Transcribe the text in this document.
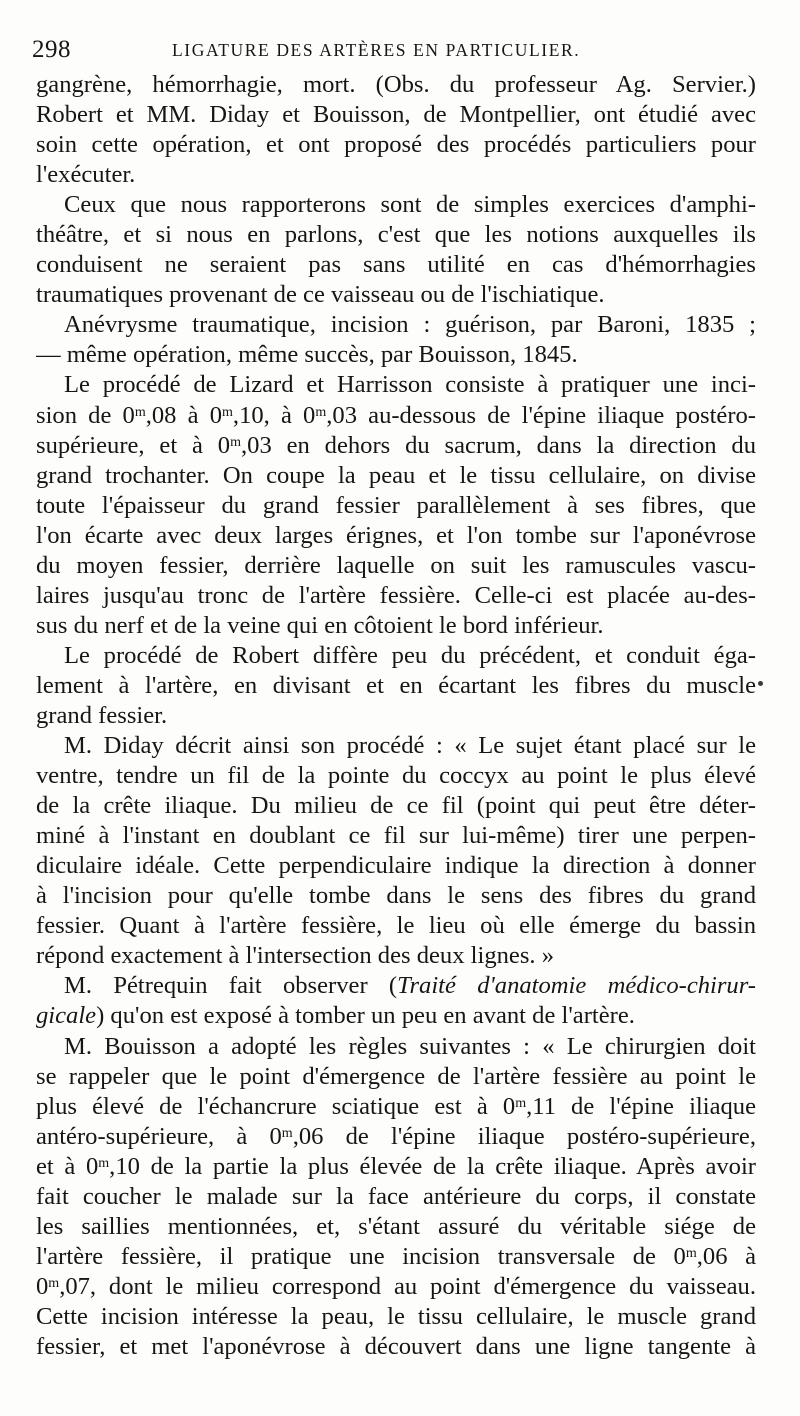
298	LIGATURE DES ARTÈRES EN PARTICULIER.
gangrène, hémorrhagie, mort. (Obs. du professeur Ag. Servier.)
Robert et MM. Diday et Bouisson, de Montpellier, ont étudié avec
soin cette opération, et ont proposé des procédés particuliers pour
l'exécuter.
Ceux que nous rapporterons sont de simples exercices d'amphi-
théâtre, et si nous en parlons, c'est que les notions auxquelles ils
conduisent ne seraient pas sans utilité en cas d'hémorrhagies
traumatiques provenant de ce vaisseau ou de l'ischiatique.
Anévrysme traumatique, incision : guérison, par Baroni, 1835 ;
— même opération, même succès, par Bouisson, 1845.
Le procédé de Lizard et Harrisson consiste à pratiquer une inci-
sion de 0$^m$,08 à 0$^m$,10, à 0$^m$,03 au-dessous de l'épine iliaque postéro-
supérieure, et à 0$^m$,03 en dehors du sacrum, dans la direction du
grand trochanter. On coupe la peau et le tissu cellulaire, on divise
toute l'épaisseur du grand fessier parallèlement à ses fibres, que
l'on écarte avec deux larges érignes, et l'on tombe sur l'aponévrose
du moyen fessier, derrière laquelle on suit les ramuscules vascu-
laires jusqu'au tronc de l'artère fessière. Celle-ci est placée au-des-
sus du nerf et de la veine qui en côtoient le bord inférieur.
Le procédé de Robert diffère peu du précédent, et conduit éga-
lement à l'artère, en divisant et en écartant les fibres du muscle
grand fessier.
M. Diday décrit ainsi son procédé : « Le sujet étant placé sur le
ventre, tendre un fil de la pointe du coccyx au point le plus élevé
de la crête iliaque. Du milieu de ce fil (point qui peut être déter-
miné à l'instant en doublant ce fil sur lui-même) tirer une perpen-
diculaire idéale. Cette perpendiculaire indique la direction à donner
à l'incision pour qu'elle tombe dans le sens des fibres du grand
fessier. Quant à l'artère fessière, le lieu où elle émerge du bassin
répond exactement à l'intersection des deux lignes. »
M. Pétrequin fait observer (Traité d'anatomie médico-chirur-
gicale) qu'on est exposé à tomber un peu en avant de l'artère.
M. Bouisson a adopté les règles suivantes : « Le chirurgien doit
se rappeler que le point d'émergence de l'artère fessière au point le
plus élevé de l'échancrure sciatique est à 0$^m$,11 de l'épine iliaque
antéro-supérieure, à 0$^m$,06 de l'épine iliaque postéro-supérieure,
et à 0$^m$,10 de la partie la plus élevée de la crête iliaque. Après avoir
fait coucher le malade sur la face antérieure du corps, il constate
les saillies mentionnées, et, s'étant assuré du véritable siége de
l'artère fessière, il pratique une incision transversale de 0$^m$,06 à
0$^m$,07, dont le milieu correspond au point d'émergence du vaisseau.
Cette incision intéresse la peau, le tissu cellulaire, le muscle grand
fessier, et met l'aponévrose à découvert dans une ligne tangente à
